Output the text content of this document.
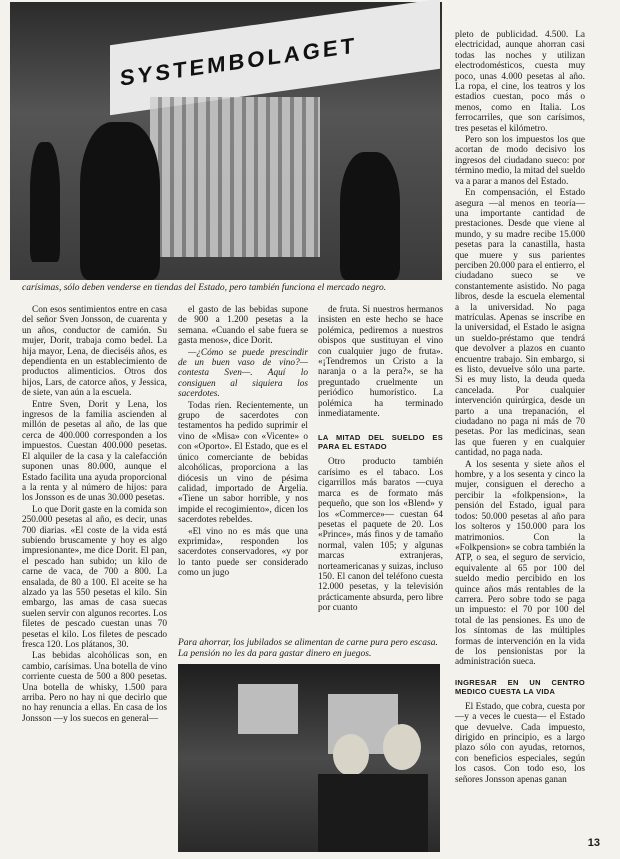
SYSTEMBOLAGET
carísimas, sólo deben venderse en tiendas del Estado, pero también funciona el mercado negro.

Con esos sentimientos entre en casa del señor Sven Jonsson, de cuarenta y un años, conductor de camión. Su mujer, Dorit, trabaja como bedel. La hija mayor, Lena, de dieciséis años, es dependienta en un establecimiento de productos alimenticios. Otros dos hijos, Lars, de catorce años, y Jessica, de siete, van aún a la escuela.

Entre Sven, Dorit y Lena, los ingresos de la familia ascienden al millón de pesetas al año, de las que cerca de 400.000 corresponden a los impuestos. Cuestan 400.000 pesetas. El alquiler de la casa y la calefacción suponen unas 80.000, aunque el Estado facilita una ayuda proporcional a la renta y al número de hijos: para los Jonsson es de unas 30.000 pesetas.

Lo que Dorit gaste en la comida son 250.000 pesetas al año, es decir, unas 700 diarias. «El coste de la vida está subiendo bruscamente y hoy es algo impresionante», me dice Dorit. El pan, el pescado han subido; un kilo de carne de vaca, de 700 a 800. La ensalada, de 80 a 100. El aceite se ha alzado ya las 550 pesetas el kilo. Sin embargo, las amas de casa suecas suelen servir con algunos recortes. Los filetes de pescado cuestan unas 70 pesetas el kilo. Los filetes de pescado fresca 120. Los plátanos, 30.

Las bebidas alcohólicas son, en cambio, carísimas. Una botella de vino corriente cuesta de 500 a 800 pesetas. Una botella de whisky, 1.500 para arriba. Pero no hay ni que decirlo que no hay renuncia a ellas. En casa de los Jonsson —y los suecos en general—

el gasto de las bebidas supone de 900 a 1.200 pesetas a la semana. «Cuando el sabe fuera se gasta menos», dice Dorit.

—¿Cómo se puede prescindir de un buen vaso de vino?— contesta Sven—. Aquí lo consiguen al siquiera los sacerdotes.

Todas ríen. Recientemente, un grupo de sacerdotes con testamentos ha pedido suprimir el vino de «Misa» con «Vicente» o con «Oporto». El Estado, que es el único comerciante de bebidas alcohólicas, proporciona a las diócesis un vino de pésima calidad, importado de Argelia. «Tiene un sabor horrible, y nos impide el recogimiento», dicen los sacerdotes rebeldes.

«El vino no es más que una exprimida», responden los sacerdotes conservadores, «y por lo tanto puede ser considerado como un jugo

de fruta. Si nuestros hermanos insisten en este hecho se hace polémica, pediremos a nuestros obispos que sustituyan el vino con cualquier jugo de fruta». «¡Tendremos un Cristo a la naranja o a la pera?», se ha preguntado cruelmente un periódico humorístico. La polémica ha terminado inmediatamente.

LA MITAD DEL SUELDO ES PARA EL ESTADO

Otro producto también carísimo es el tabaco. Los cigarrillos más baratos —cuya marca es de formato más pequeño, que son los «Blend» y los «Commerce»— cuestan 64 pesetas el paquete de 20. Los «Prince», más finos y de tamaño normal, valen 105; y algunas marcas extranjeras, norteamericanas y suizas, incluso 150. El canon del teléfono cuesta 12.000 pesetas, y la televisión prácticamente absurda, pero libre por cuanto

Para ahorrar, los jubilados se alimentan de carne pura pero escasa. La pensión no les da para gastar dinero en juegos.

pleto de publicidad. 4.500. La electricidad, aunque ahorran casi todas las noches y utilizan electrodomésticos, cuesta muy poco, unas 4.000 pesetas al año. La ropa, el cine, los teatros y los estadios cuestan, poco más o menos, como en Italia. Los ferrocarriles, que son carísimos, tres pesetas el kilómetro.

Pero son los impuestos los que acortan de modo decisivo los ingresos del ciudadano sueco: por término medio, la mitad del sueldo va a parar a manos del Estado.

En compensación, el Estado asegura —al menos en teoría— una importante cantidad de prestaciones. Desde que viene al mundo, y su madre recibe 15.000 pesetas para la canastilla, hasta que muere y sus parientes perciben 20.000 para el entierro, el ciudadano sueco se ve constantemente asistido. No paga libros, desde la escuela elemental a la universidad. No paga matrículas. Apenas se inscribe en la universidad, el Estado le asigna un sueldo-préstamo que tendrá que devolver a plazos en cuanto encuentre trabajo. Sin embargo, si es listo, devuelve sólo una parte. Si es muy listo, la deuda queda cancelada. Por cualquier intervención quirúrgica, desde un parto a una trepanación, el ciudadano no paga ni más de 70 pesetas. Por las medicinas, sean las que fueren y en cualquier cantidad, no paga nada.

A los sesenta y siete años el hombre, y a los sesenta y cinco la mujer, consiguen el derecho a percibir la «folkpension», la pensión del Estado, igual para todos: 50.000 pesetas al año para los solteros y 150.000 para los matrimonios. Con la «Folkpension» se cobra también la ATP, o sea, el seguro de servicio, equivalente al 65 por 100 del sueldo medio percibido en los quince años más rentables de la carrera. Pero sobre todo se paga un impuesto: el 70 por 100 del total de las pensiones. Es uno de los síntomas de las múltiples formas de intervención en la vida de los pensionistas por la administración sueca.

INGRESAR EN UN CENTRO MEDICO CUESTA LA VIDA

El Estado, que cobra, cuesta por —y a veces le cuesta— el Estado que devuelve. Cada impuesto, dirigido en principio, es a largo plazo sólo con ayudas, retornos, con beneficios especiales, según los casos. Con todo eso, los señores Jonsson apenas ganan

13
